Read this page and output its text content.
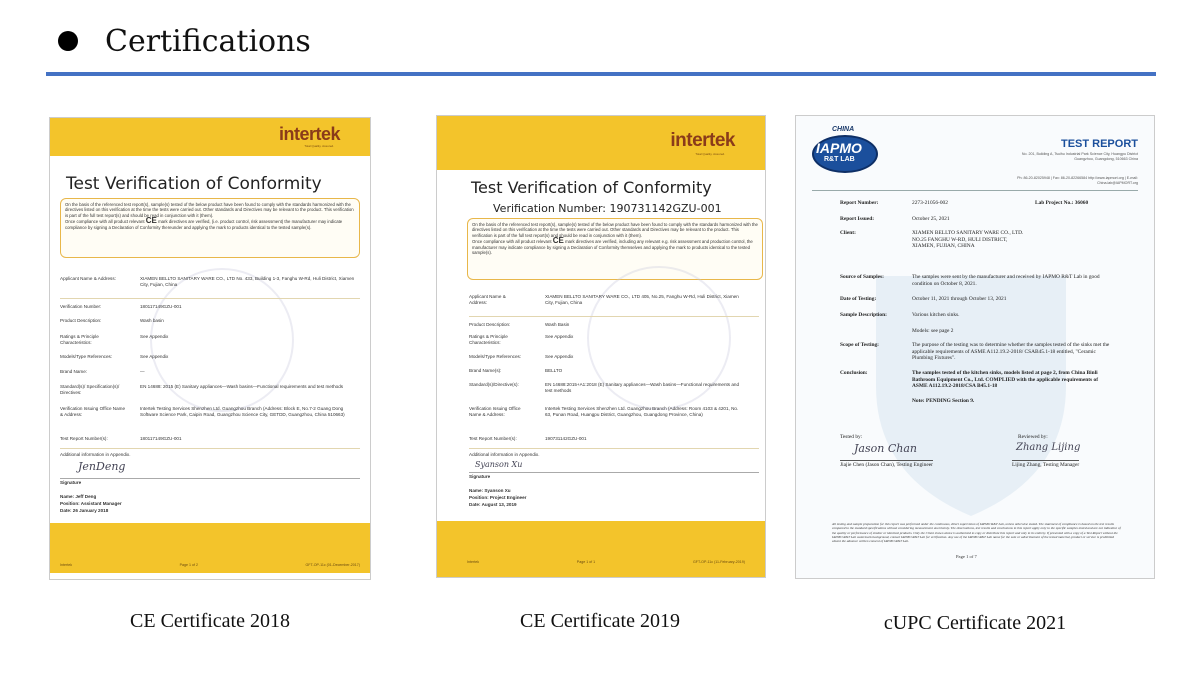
Certifications
intertek
Total Quality. Assured.
Test Verification of Conformity
On the basis of the referenced test report(s), sample(s) tested of the below product have been found to comply with the standards harmonized with the directives listed on this verification at the time the tests were carried out. Other standards and Directives may be relevant to the product. This verification is part of the full test report(s) and should be read in conjunction with it (them).
Once compliance with all product relevant CE mark directives are verified, (i.e. product control, risk assessment) the manufacturer may indicate compliance by signing a Declaration of Conformity thereunder and applying the mark to products identical to the tested sample(s).
Applicant Name & Address:	XIAMEN BELLTO SANITARY WARE CO., LTD No. 433, Building 1-3, Fanghu W-Rd, Huli District, Xiamen City, Fujian, China
Verification Number:	180117149GZU-001
Product Description:	Wash basin
Ratings & Principle Characteristics:
See Appendix
Models/Type References:	See Appendix
Brand Name:	—
Standard(s)/ Specification(s)/ Directives:
EN 14688: 2015 (E) Sanitary appliances—Wash basins—Functional requirements and test methods
Verification Issuing Office Name & Address:
Intertek Testing Services Shenzhen Ltd. Guangzhou Branch (Address: Block E, No.7-2 Guang Dong Software Science Park, Caipin Road, Guangzhou Science City, GETDD, Guangzhou, China 510663)
Test Report Number(s):	180117149GZU-001
Additional information in Appendix.
JenDeng
Signature
Name: Jeff Deng
Position: Assistant Manager
Date: 26 January 2018
Intertek	Page 1 of 2	GFT-OP-11c (01-December-2017)
CE Certificate 2018
intertek
Total Quality. Assured.
Test Verification of Conformity
Verification Number: 190731142GZU-001
On the basis of the referenced test report(s), sample(s) tested of the below product have been found to comply with the standards harmonized with the directives listed on this verification at the time the tests were carried out. Other standards and Directives may be relevant to the product. This verification is part of the full test report(s) and should be read in conjunction with it (them).
Once compliance with all product relevant CE mark directives are verified, including any relevant e.g. risk assessment and production control, the manufacturer may indicate compliance by signing a Declaration of Conformity themselves and applying the mark to products identical to the tested sample(s).
Applicant Name & Address:
XIAMEN BELLTO SANITARY WARE CO., LTD 405, No.25, Fanghu W-Rd, Huli District, Xiamen City, Fujian, China
Product Description:	Wash Basin
Ratings & Principle Characteristics:
See Appendix
Models/Type References:	See Appendix
Brand Name(s):	BELLTO
Standard(s)/Directive(s):	EN 14688:2015+A1:2018 (E) Sanitary appliances—Wash basins—Functional requirements and test methods
Verification Issuing Office Name & Address:
Intertek Testing Services Shenzhen Ltd. Guangzhou Branch (Address: Room 4103 & 4201, No. 63, Punan Road, Huangpu District, Guangzhou, Guangdong Province, China)
Test Report Number(s):	190731142GZU-001
Additional information in Appendix.
Syanson Xu
Signature
Name: Syanson Xu
Position: Project Engineer
Date: August 13, 2019
Intertek	Page 1 of 1	GFT-OP-11c (11-February-2019)
CE Certificate 2019
CHINA
IAPMO
R&T LAB
TEST REPORT
No. 201, Building A, Tsuihu Industrial Park Science City, Huangpu District Guangzhou, Guangdong, 510663 China
Ph: 86-20-82025948 | Fax: 86-20-82266584 http://www.iapmort.org | E-mail: China.lab@IAPMORT.org
Report Number:	2273-21056-002	Lab Project No.: 36060
Report Issued:	October 25, 2021
Client:	XIAMEN BELLTO SANITARY WARE CO., LTD. NO.25 FANGHU W-RD, HULI DISTRICT, XIAMEN, FUJIAN, CHINA
Source of Samples:	The samples were sent by the manufacturer and received by IAPMO R&T Lab in good condition on October 8, 2021.
Date of Testing:	October 11, 2021 through October 13, 2021
Sample Description:	Various kitchen sinks.
Models: see page 2
Scope of Testing:	The purpose of the testing was to determine whether the samples tested of the sinks met the applicable requirements of ASME A112.19.2-2018/ CSAB45.1-18 entitled, "Ceramic Plumbing Fixtures".
Conclusion:	The samples tested of the kitchen sinks, models listed at page 2, from China Binli Bathroom Equipment Co., Ltd. COMPLIED with the applicable requirements of ASME A112.19.2-2018/CSA B45.1-18
Note: PENDING Section 9.
Tested by:
Jason Chan
Jiajie Chen (Jason Chan), Testing Engineer
Reviewed by:
Zhang Lijing
Lijing Zhang, Testing Manager
All testing and sample preparation for this report was performed under the continuous, direct supervision of IAPMO R&T Lab, unless otherwise stated. The statement of compliance is based on the test results compared to the standard specifications without considering measurement uncertainty. The observations, test results and conclusions in this report apply only to the specific samples tested and are not indicative of the quality or performance of similar or identical products. Only the Client shown above is authorized to copy or distribute this report and only in its entirety. If presented with a copy of a Test Report without the IAPMO R&T Lab watermark background, contact IAPMO R&T Lab for verification. Any use of the IAPMO R&T Lab name for the sale or advertisement of the tested material, product or service is prohibited absent the advance written consent of IAPMO R&T Lab.
Page 1 of 7
cUPC Certificate 2021
